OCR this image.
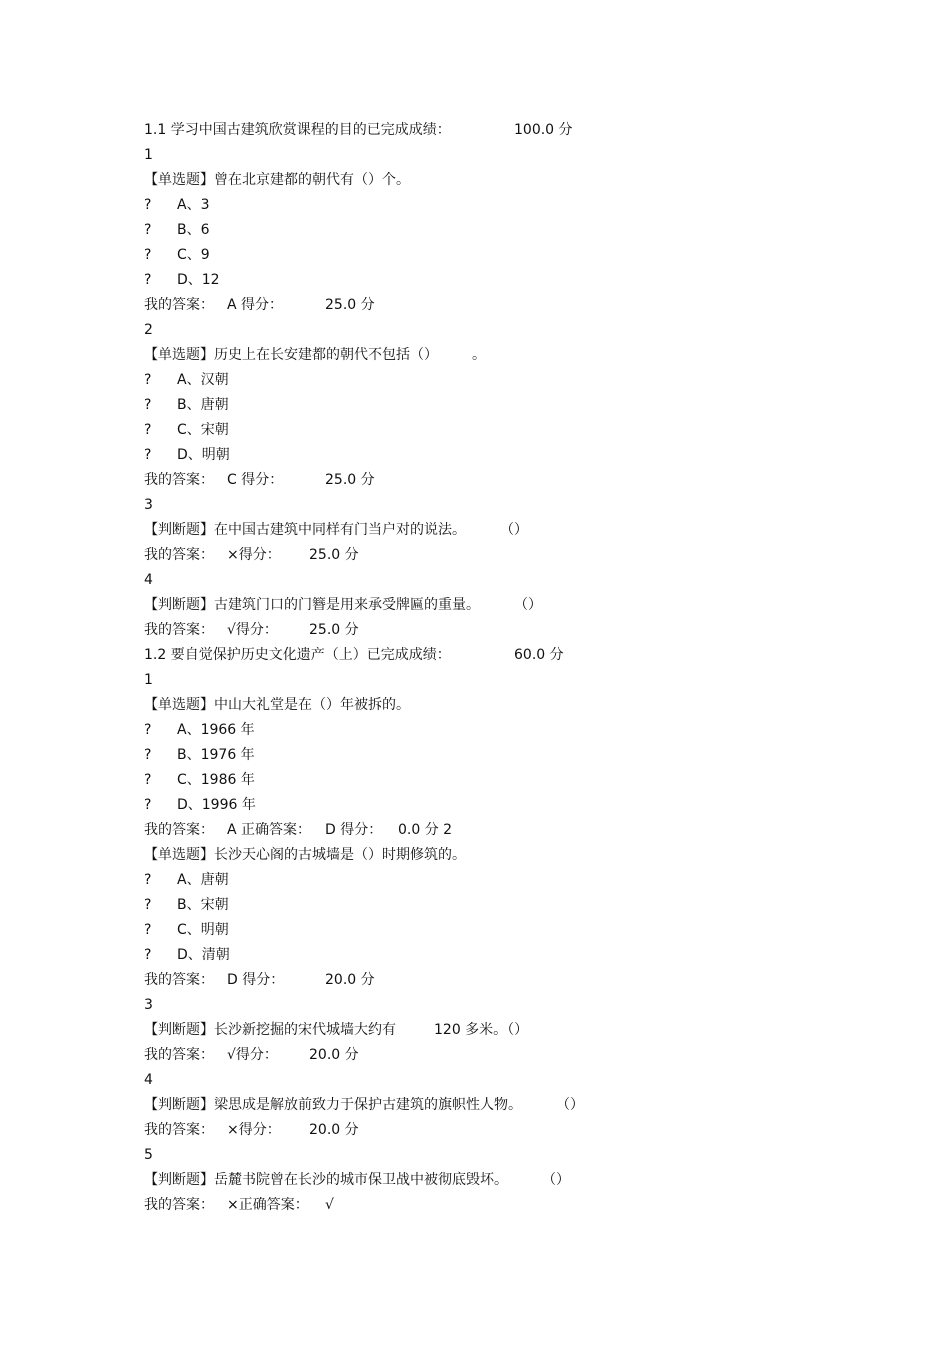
1.1 学习中国古建筑欣赏课程的目的已完成成绩：	100.0 分
1
【单选题】曾在北京建都的朝代有（）个。
? A、3
? B、6
? C、9
? D、12
我的答案： A 得分：	25.0 分
2
【单选题】历史上在长安建都的朝代不包括（） 。
? A、汉朝
? B、唐朝
? C、宋朝
? D、明朝
我的答案： C 得分：	25.0 分
3
【判断题】在中国古建筑中同样有门当户对的说法。 （）
我的答案： ×得分： 25.0 分
4
【判断题】古建筑门口的门簪是用来承受牌匾的重量。 （）
我的答案： √得分： 25.0 分
1.2 要自觉保护历史文化遗产（上）已完成成绩：	60.0 分
1
【单选题】中山大礼堂是在（）年被拆的。
? A、1966 年
? B、1976 年
? C、1986 年
? D、1996 年
我的答案： A 正确答案： D 得分： 0.0 分 2
【单选题】长沙天心阁的古城墙是（）时期修筑的。
? A、唐朝
? B、宋朝
? C、明朝
? D、清朝
我的答案： D 得分：	20.0 分
3
【判断题】长沙新挖掘的宋代城墙大约有	120 多米。（）
我的答案： √得分： 20.0 分
4
【判断题】梁思成是解放前致力于保护古建筑的旗帜性人物。 （）
我的答案： ×得分： 20.0 分
5
【判断题】岳麓书院曾在长沙的城市保卫战中被彻底毁坏。 （）
我的答案： ×正确答案： √
